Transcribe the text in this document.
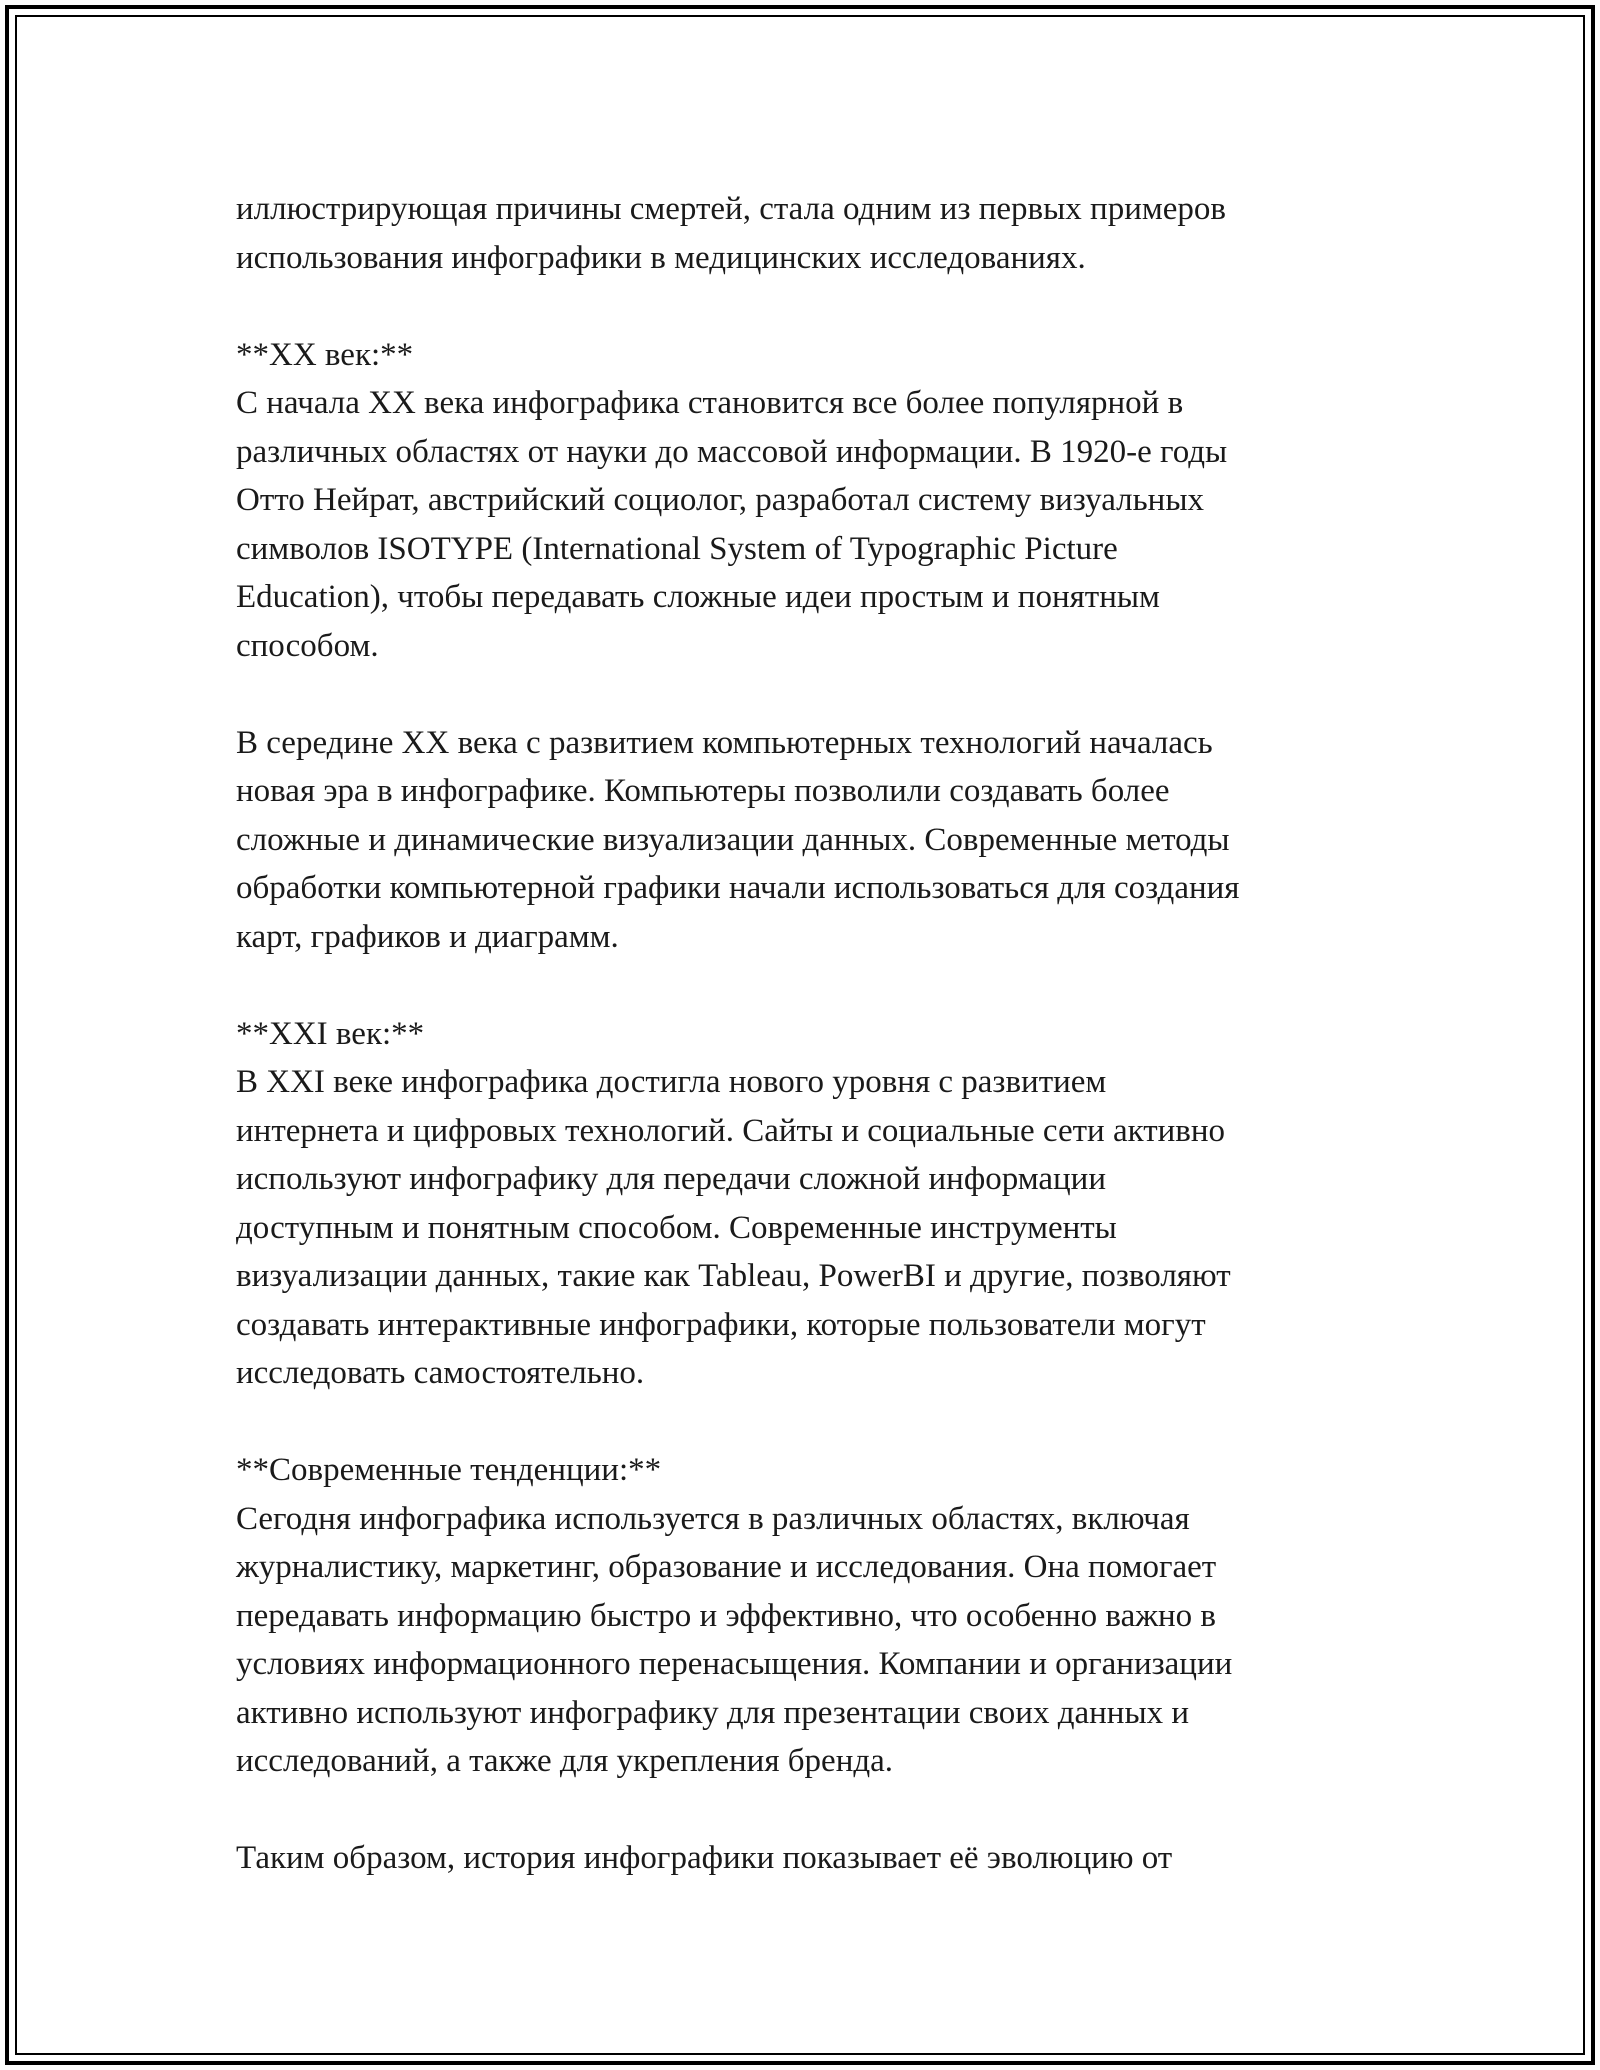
иллюстрирующая причины смертей, стала одним из первых примеров
использования инфографики в медицинских исследованиях.

**XX век:**
С начала XX века инфографика становится все более популярной в
различных областях от науки до массовой информации. В 1920-е годы
Отто Нейрат, австрийский социолог, разработал систему визуальных
символов ISOTYPE (International System of Typographic Picture
Education), чтобы передавать сложные идеи простым и понятным
способом.

В середине XX века с развитием компьютерных технологий началась
новая эра в инфографике. Компьютеры позволили создавать более
сложные и динамические визуализации данных. Современные методы
обработки компьютерной графики начали использоваться для создания
карт, графиков и диаграмм.

**XXI век:**
В XXI веке инфографика достигла нового уровня с развитием
интернета и цифровых технологий. Сайты и социальные сети активно
используют инфографику для передачи сложной информации
доступным и понятным способом. Современные инструменты
визуализации данных, такие как Tableau, PowerBI и другие, позволяют
создавать интерактивные инфографики, которые пользователи могут
исследовать самостоятельно.

**Современные тенденции:**
Сегодня инфографика используется в различных областях, включая
журналистику, маркетинг, образование и исследования. Она помогает
передавать информацию быстро и эффективно, что особенно важно в
условиях информационного перенасыщения. Компании и организации
активно используют инфографику для презентации своих данных и
исследований, а также для укрепления бренда.

Таким образом, история инфографики показывает её эволюцию от
